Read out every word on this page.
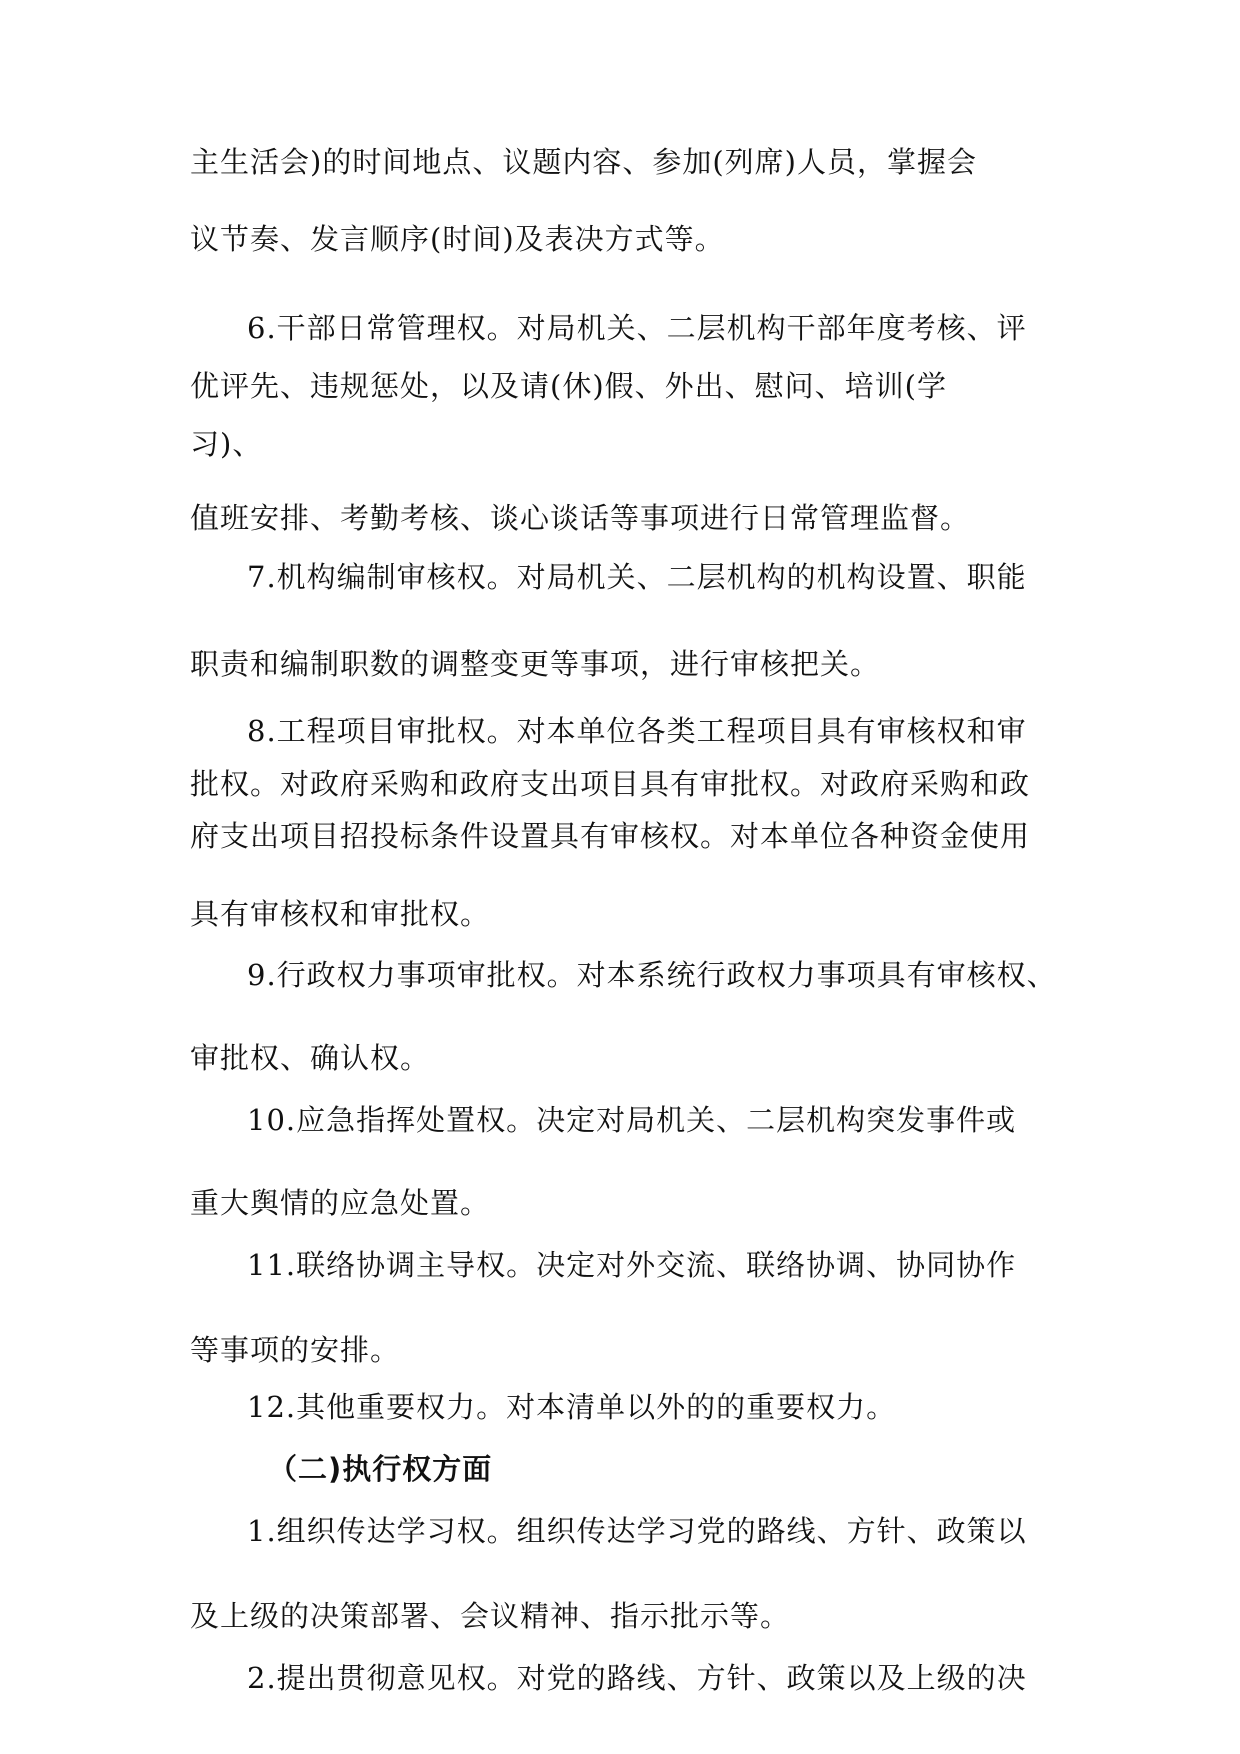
主生活会)的时间地点、议题内容、参加(列席)人员，掌握会
议节奏、发言顺序(时间)及表决方式等。
6.干部日常管理权。对局机关、二层机构干部年度考核、评
优评先、违规惩处，以及请(休)假、外出、慰问、培训(学
习)、
值班安排、考勤考核、谈心谈话等事项进行日常管理监督。
7.机构编制审核权。对局机关、二层机构的机构设置、职能
职责和编制职数的调整变更等事项，进行审核把关。
8.工程项目审批权。对本单位各类工程项目具有审核权和审
批权。对政府采购和政府支出项目具有审批权。对政府采购和政
府支出项目招投标条件设置具有审核权。对本单位各种资金使用
具有审核权和审批权。
9.行政权力事项审批权。对本系统行政权力事项具有审核权、
审批权、确认权。
10.应急指挥处置权。决定对局机关、二层机构突发事件或
重大舆情的应急处置。
11.联络协调主导权。决定对外交流、联络协调、协同协作
等事项的安排。
12.其他重要权力。对本清单以外的的重要权力。
（二)执行权方面
1.组织传达学习权。组织传达学习党的路线、方针、政策以
及上级的决策部署、会议精神、指示批示等。
2.提出贯彻意见权。对党的路线、方针、政策以及上级的决
